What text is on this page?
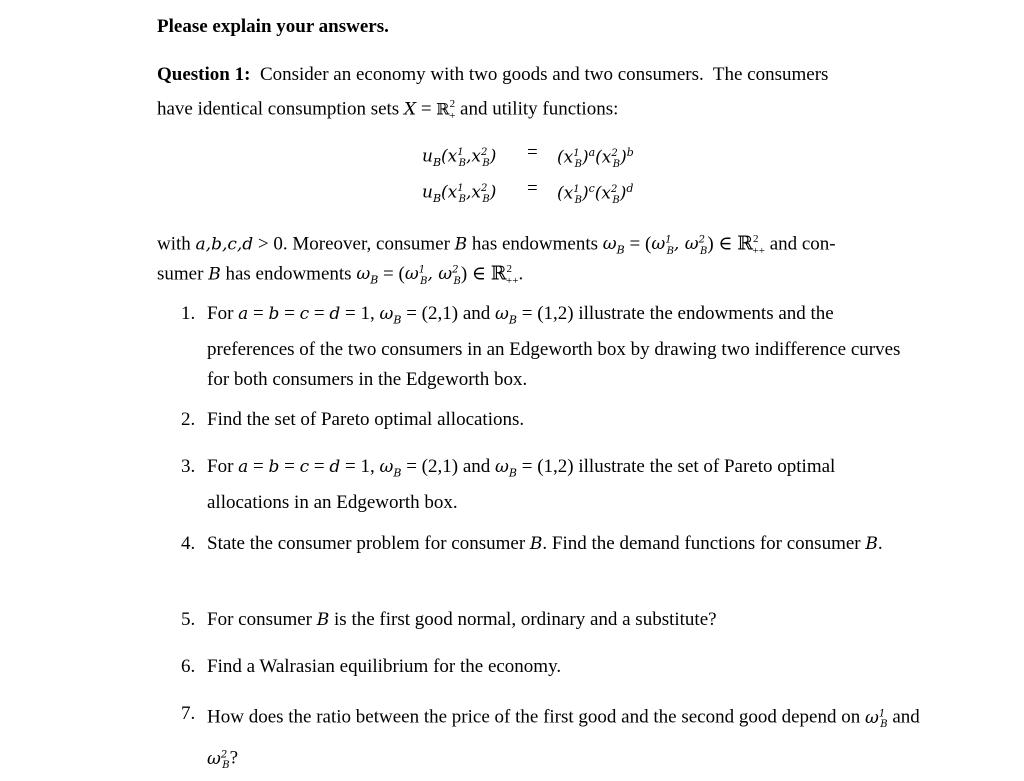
Please explain your answers.
Question 1:  Consider an economy with two goods and two consumers.  The consumers
have identical consumption sets X = ℝ$^2_+$ and utility functions:
$u_B(x^1_B,x^2_B) = (x^1_B)^a(x^2_B)^b$
$u_B(x^1_B,x^2_B) = (x^1_B)^c(x^2_B)^d$
with a,b,c,d > 0. Moreover, consumer B has endowments $\omega_B = (\omega^1_B$, $\omega^2_B$) ∈ ℝ$^2_{++}$ and con-
sumer B has endowments $\omega_B = (\omega^1_B$, $\omega^2_B$) ∈ ℝ$^2_{++}$.
1. For a = b = c = d = 1, $\omega_B = (2,1)$ and $\omega_B = (1,2)$ illustrate the endowments and the preferences of the two consumers in an Edgeworth box by drawing two indifference curves for both consumers in the Edgeworth box.
2. Find the set of Pareto optimal allocations.
3. For a = b = c = d = 1, $\omega_B = (2,1)$ and $\omega_B = (1,2)$ illustrate the set of Pareto optimal allocations in an Edgeworth box.
4. State the consumer problem for consumer B. Find the demand functions for consumer B.
5. For consumer B is the first good normal, ordinary and a substitute?
6. Find a Walrasian equilibrium for the economy.
7. How does the ratio between the price of the first good and the second good depend on $\omega^1_B$ and $\omega^2_B$?
